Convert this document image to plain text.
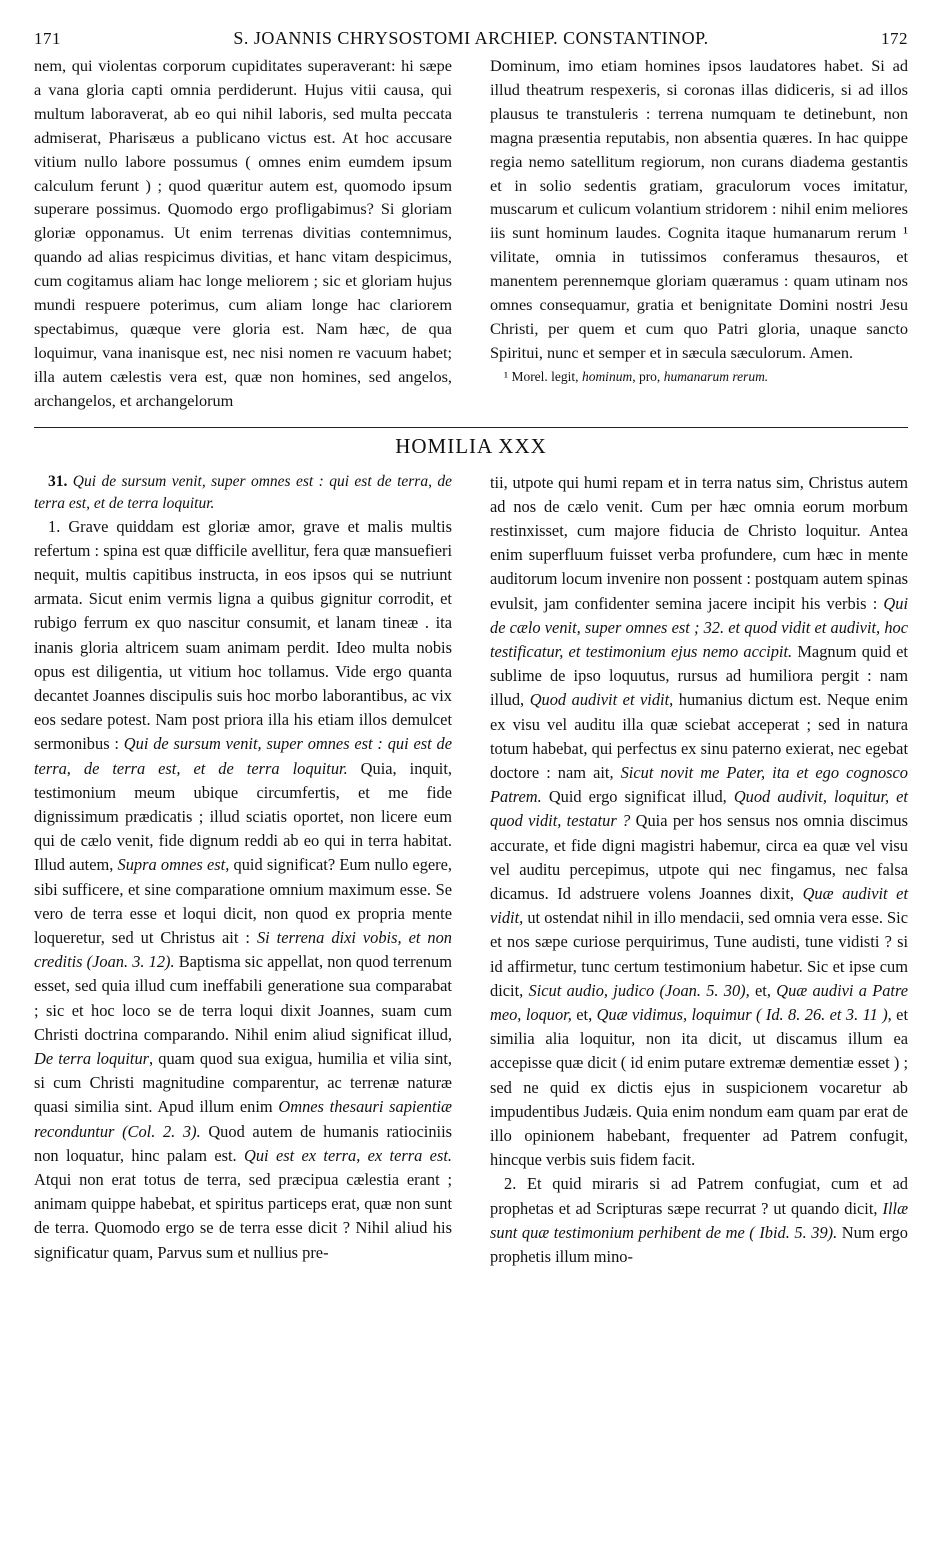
171	S. JOANNIS CHRYSOSTOMI ARCHIEP. CONSTANTINOP.	172

nem, qui violentas corporum cupiditates superaverant: hi sæpe a vana gloria capti omnia perdiderunt. Hujus vitii causa, qui multum laboraverat, ab eo qui nihil laboris, sed multa peccata admiserat, Pharisæus a publicano victus est. At hoc accusare vitium nullo labore possumus ( omnes enim eumdem ipsum calculum ferunt ) ; quod quæritur autem est, quomodo ipsum superare possimus. Quomodo ergo profligabimus? Si gloriam gloriæ opponamus. Ut enim terrenas divitias contemnimus, quando ad alias respicimus divitias, et hanc vitam despicimus, cum cogitamus aliam hac longe meliorem ; sic et gloriam hujus mundi respuere poterimus, cum aliam longe hac clariorem spectabimus, quæque vere gloria est. Nam hæc, de qua loquimur, vana inanisque est, nec nisi nomen re vacuum habet; illa autem cælestis vera est, quæ non homines, sed angelos, archangelos, et archangelorum

Dominum, imo etiam homines ipsos laudatores habet. Si ad illud theatrum respexeris, si coronas illas didiceris, si ad illos plausus te transtuleris : terrena numquam te detinebunt, non magna præsentia reputabis, non absentia quæres. In hac quippe regia nemo satellitum regiorum, non curans diadema gestantis et in solio sedentis gratiam, graculorum voces imitatur, muscarum et culicum volantium stridorem : nihil enim meliores iis sunt hominum laudes. Cognita itaque humanarum rerum ¹ vilitate, omnia in tutissimos conferamus thesauros, et manentem perennemque gloriam quæramus : quam utinam nos omnes consequamur, gratia et benignitate Domini nostri Jesu Christi, per quem et cum quo Patri gloria, unaque sancto Spiritui, nunc et semper et in sæcula sæculorum. Amen.

¹ Morel. legit, hominum, pro, humanarum rerum.

HOMILIA XXX

31. Qui de sursum venit, super omnes est : qui est de terra, de terra est, et de terra loquitur.

1. Grave quiddam est gloriæ amor, grave et malis multis refertum : spina est quæ difficile avellitur, fera quæ mansuefieri nequit, multis capitibus instructa, in eos ipsos qui se nutriunt armata. Sicut enim vermis ligna a quibus gignitur corrodit, et rubigo ferrum ex quo nascitur consumit, et lanam tineæ . ita inanis gloria altricem suam animam perdit. Ideo multa nobis opus est diligentia, ut vitium hoc tollamus. Vide ergo quanta decantet Joannes discipulis suis hoc morbo laborantibus, ac vix eos sedare potest. Nam post priora illa his etiam illos demulcet sermonibus : Qui de sursum venit, super omnes est : qui est de terra, de terra est, et de terra loquitur. Quia, inquit, testimonium meum ubique circumfertis, et me fide dignissimum prædicatis ; illud sciatis oportet, non licere eum qui de cælo venit, fide dignum reddi ab eo qui in terra habitat. Illud autem, Supra omnes est, quid significat? Eum nullo egere, sibi sufficere, et sine comparatione omnium maximum esse. Se vero de terra esse et loqui dicit, non quod ex propria mente loqueretur, sed ut Christus ait : Si terrena dixi vobis, et non creditis (Joan. 3. 12). Baptisma sic appellat, non quod terrenum esset, sed quia illud cum ineffabili generatione sua comparabat ; sic et hoc loco se de terra loqui dixit Joannes, suam cum Christi doctrina comparando. Nihil enim aliud significat illud, De terra loquitur, quam quod sua exigua, humilia et vilia sint, si cum Christi magnitudine comparentur, ac terrenæ naturæ quasi similia sint. Apud illum enim Omnes thesauri sapientiæ reconduntur (Col. 2. 3). Quod autem de humanis ratiociniis non loquatur, hinc palam est. Qui est ex terra, ex terra est. Atqui non erat totus de terra, sed præcipua cælestia erant ; animam quippe habebat, et spiritus particeps erat, quæ non sunt de terra. Quomodo ergo se de terra esse dicit ? Nihil aliud his significatur quam, Parvus sum et nullius pre-

tii, utpote qui humi repam et in terra natus sim, Christus autem ad nos de cælo venit. Cum per hæc omnia eorum morbum restinxisset, cum majore fiducia de Christo loquitur. Antea enim superfluum fuisset verba profundere, cum hæc in mente auditorum locum invenire non possent : postquam autem spinas evulsit, jam confidenter semina jacere incipit his verbis : Qui de cælo venit, super omnes est ; 32. et quod vidit et audivit, hoc testificatur, et testimonium ejus nemo accipit. Magnum quid et sublime de ipso loquutus, rursus ad humiliora pergit : nam illud, Quod audivit et vidit, humanius dictum est. Neque enim ex visu vel auditu illa quæ sciebat acceperat ; sed in natura totum habebat, qui perfectus ex sinu paterno exierat, nec egebat doctore : nam ait, Sicut novit me Pater, ita et ego cognosco Patrem. Quid ergo significat illud, Quod audivit, loquitur, et quod vidit, testatur ? Quia per hos sensus nos omnia discimus accurate, et fide digni magistri habemur, circa ea quæ vel visu vel auditu percepimus, utpote qui nec fingamus, nec falsa dicamus. Id adstruere volens Joannes dixit, Quæ audivit et vidit, ut ostendat nihil in illo mendacii, sed omnia vera esse. Sic et nos sæpe curiose perquirimus, Tune audisti, tune vidisti ? si id affirmetur, tunc certum testimonium habetur. Sic et ipse cum dicit, Sicut audio, judico (Joan. 5. 30), et, Quæ audivi a Patre meo, loquor, et, Quæ vidimus, loquimur ( Id. 8. 26. et 3. 11 ), et similia alia loquitur, non ita dicit, ut discamus illum ea accepisse quæ dicit ( id enim putare extremæ dementiæ esset ) ; sed ne quid ex dictis ejus in suspicionem vocaretur ab impudentibus Judæis. Quia enim nondum eam quam par erat de illo opinionem habebant, frequenter ad Patrem confugit, hincque verbis suis fidem facit.

2. Et quid miraris si ad Patrem confugiat, cum et ad prophetas et ad Scripturas sæpe recurrat ? ut quando dicit, Illæ sunt quæ testimonium perhibent de me ( Ibid. 5. 39). Num ergo prophetis illum mino-
